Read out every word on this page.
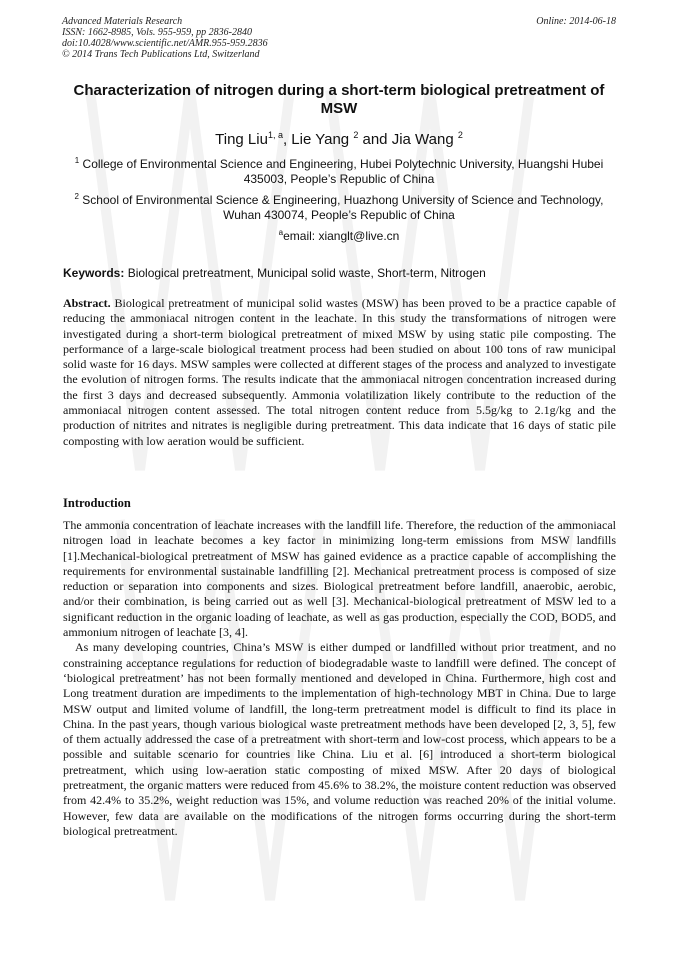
Advanced Materials Research
ISSN: 1662-8985, Vols. 955-959, pp 2836-2840
doi:10.4028/www.scientific.net/AMR.955-959.2836
© 2014 Trans Tech Publications Ltd, Switzerland
Online: 2014-06-18
Characterization of nitrogen during a short-term biological pretreatment of MSW
Ting Liu$^{1, a}$, Lie Yang $^2$ and Jia Wang $^2$
$^1$ College of Environmental Science and Engineering, Hubei Polytechnic University, Huangshi Hubei 435003, People’s Republic of China
$^2$ School of Environmental Science & Engineering, Huazhong University of Science and Technology, Wuhan 430074, People’s Republic of China
$^a$email: xianglt@live.cn
Keywords: Biological pretreatment, Municipal solid waste, Short-term, Nitrogen
Abstract. Biological pretreatment of municipal solid wastes (MSW) has been proved to be a practice capable of reducing the ammoniacal nitrogen content in the leachate. In this study the transformations of nitrogen were investigated during a short-term biological pretreatment of mixed MSW by using static pile composting. The performance of a large-scale biological treatment process had been studied on about 100 tons of raw municipal solid waste for 16 days. MSW samples were collected at different stages of the process and analyzed to investigate the evolution of nitrogen forms. The results indicate that the ammoniacal nitrogen concentration increased during the first 3 days and decreased subsequently. Ammonia volatilization likely contribute to the reduction of the ammoniacal nitrogen content assessed. The total nitrogen content reduce from 5.5g/kg to 2.1g/kg and the production of nitrites and nitrates is negligible during pretreatment. This data indicate that 16 days of static pile composting with low aeration would be sufficient.
Introduction

The ammonia concentration of leachate increases with the landfill life. Therefore, the reduction of the ammoniacal nitrogen load in leachate becomes a key factor in minimizing long-term emissions from MSW landfills [1].Mechanical-biological pretreatment of MSW has gained evidence as a practice capable of accomplishing the requirements for environmental sustainable landfilling [2]. Mechanical pretreatment process is composed of size reduction or separation into components and sizes. Biological pretreatment before landfill, anaerobic, aerobic, and/or their combination, is being carried out as well [3]. Mechanical-biological pretreatment of MSW led to a significant reduction in the organic loading of leachate, as well as gas production, especially the COD, BOD5, and ammonium nitrogen of leachate [3, 4].

As many developing countries, China’s MSW is either dumped or landfilled without prior treatment, and no constraining acceptance regulations for reduction of biodegradable waste to landfill were defined. The concept of ‘biological pretreatment’ has not been formally mentioned and developed in China. Furthermore, high cost and Long treatment duration are impediments to the implementation of high-technology MBT in China. Due to large MSW output and limited volume of landfill, the long-term pretreatment model is difficult to find its place in China. In the past years, though various biological waste pretreatment methods have been developed [2, 3, 5], few of them actually addressed the case of a pretreatment with short-term and low-cost process, which appears to be a possible and suitable scenario for countries like China. Liu et al. [6] introduced a short-term biological pretreatment, which using low-aeration static composting of mixed MSW. After 20 days of biological pretreatment, the organic matters were reduced from 45.6% to 38.2%, the moisture content reduction was observed from 42.4% to 35.2%, weight reduction was 15%, and volume reduction was reached 20% of the initial volume. However, few data are available on the modifications of the nitrogen forms occurring during the short-term biological pretreatment.
